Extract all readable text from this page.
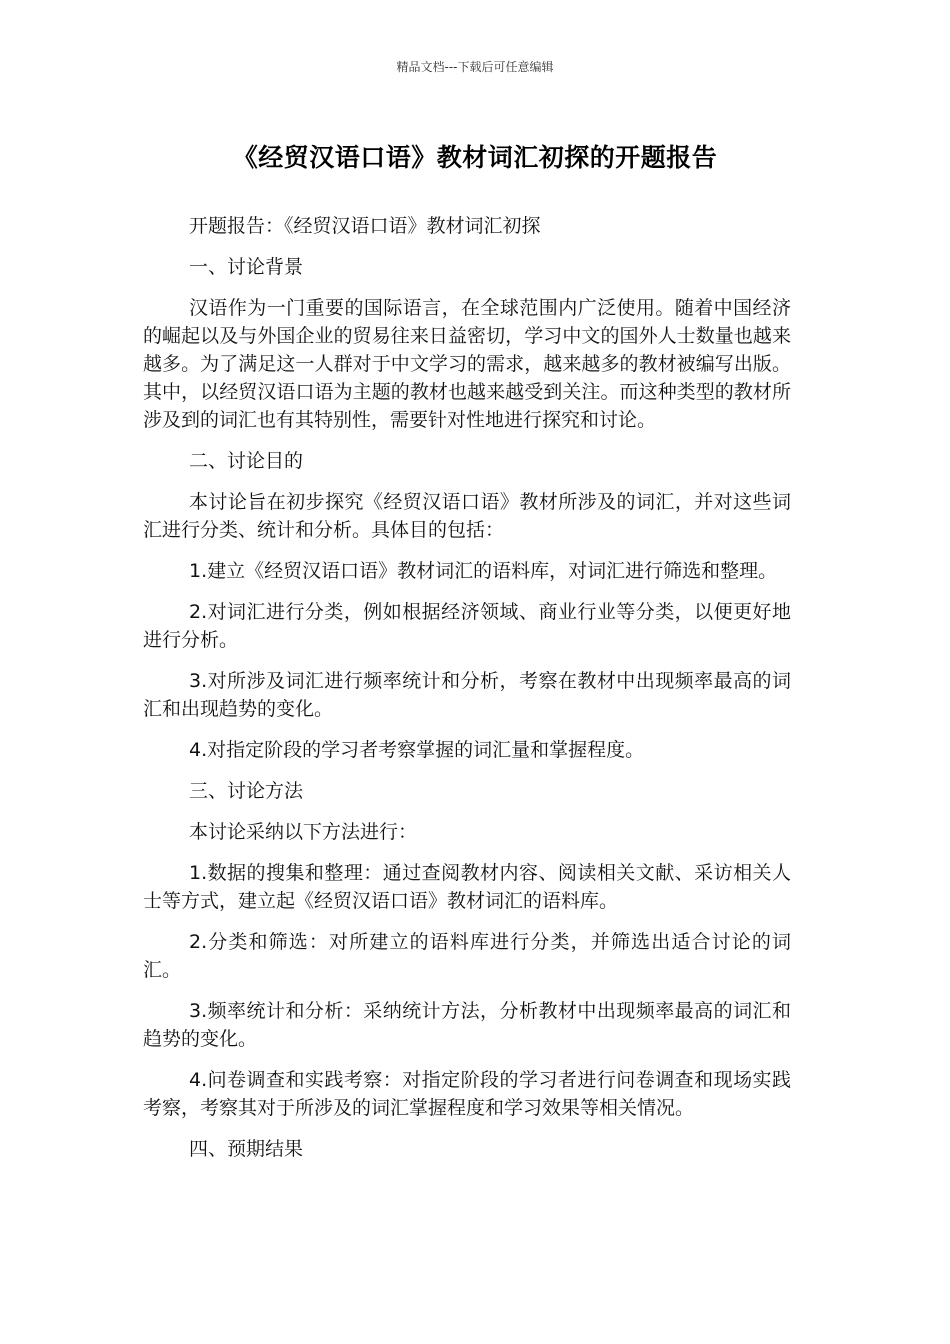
精品文档---下载后可任意编辑
《经贸汉语口语》教材词汇初探的开题报告

开题报告：《经贸汉语口语》教材词汇初探

一、讨论背景

汉语作为一门重要的国际语言，在全球范围内广泛使用。随着中国经济的崛起以及与外国企业的贸易往来日益密切，学习中文的国外人士数量也越来越多。为了满足这一人群对于中文学习的需求，越来越多的教材被编写出版。其中，以经贸汉语口语为主题的教材也越来越受到关注。而这种类型的教材所涉及到的词汇也有其特别性，需要针对性地进行探究和讨论。

二、讨论目的

本讨论旨在初步探究《经贸汉语口语》教材所涉及的词汇，并对这些词汇进行分类、统计和分析。具体目的包括：

1.建立《经贸汉语口语》教材词汇的语料库，对词汇进行筛选和整理。

2.对词汇进行分类，例如根据经济领域、商业行业等分类，以便更好地进行分析。

3.对所涉及词汇进行频率统计和分析，考察在教材中出现频率最高的词汇和出现趋势的变化。

4.对指定阶段的学习者考察掌握的词汇量和掌握程度。

三、讨论方法

本讨论采纳以下方法进行：

1.数据的搜集和整理：通过查阅教材内容、阅读相关文献、采访相关人士等方式，建立起《经贸汉语口语》教材词汇的语料库。

2.分类和筛选：对所建立的语料库进行分类，并筛选出适合讨论的词汇。

3.频率统计和分析：采纳统计方法，分析教材中出现频率最高的词汇和趋势的变化。

4.问卷调查和实践考察：对指定阶段的学习者进行问卷调查和现场实践考察，考察其对于所涉及的词汇掌握程度和学习效果等相关情况。

四、预期结果
